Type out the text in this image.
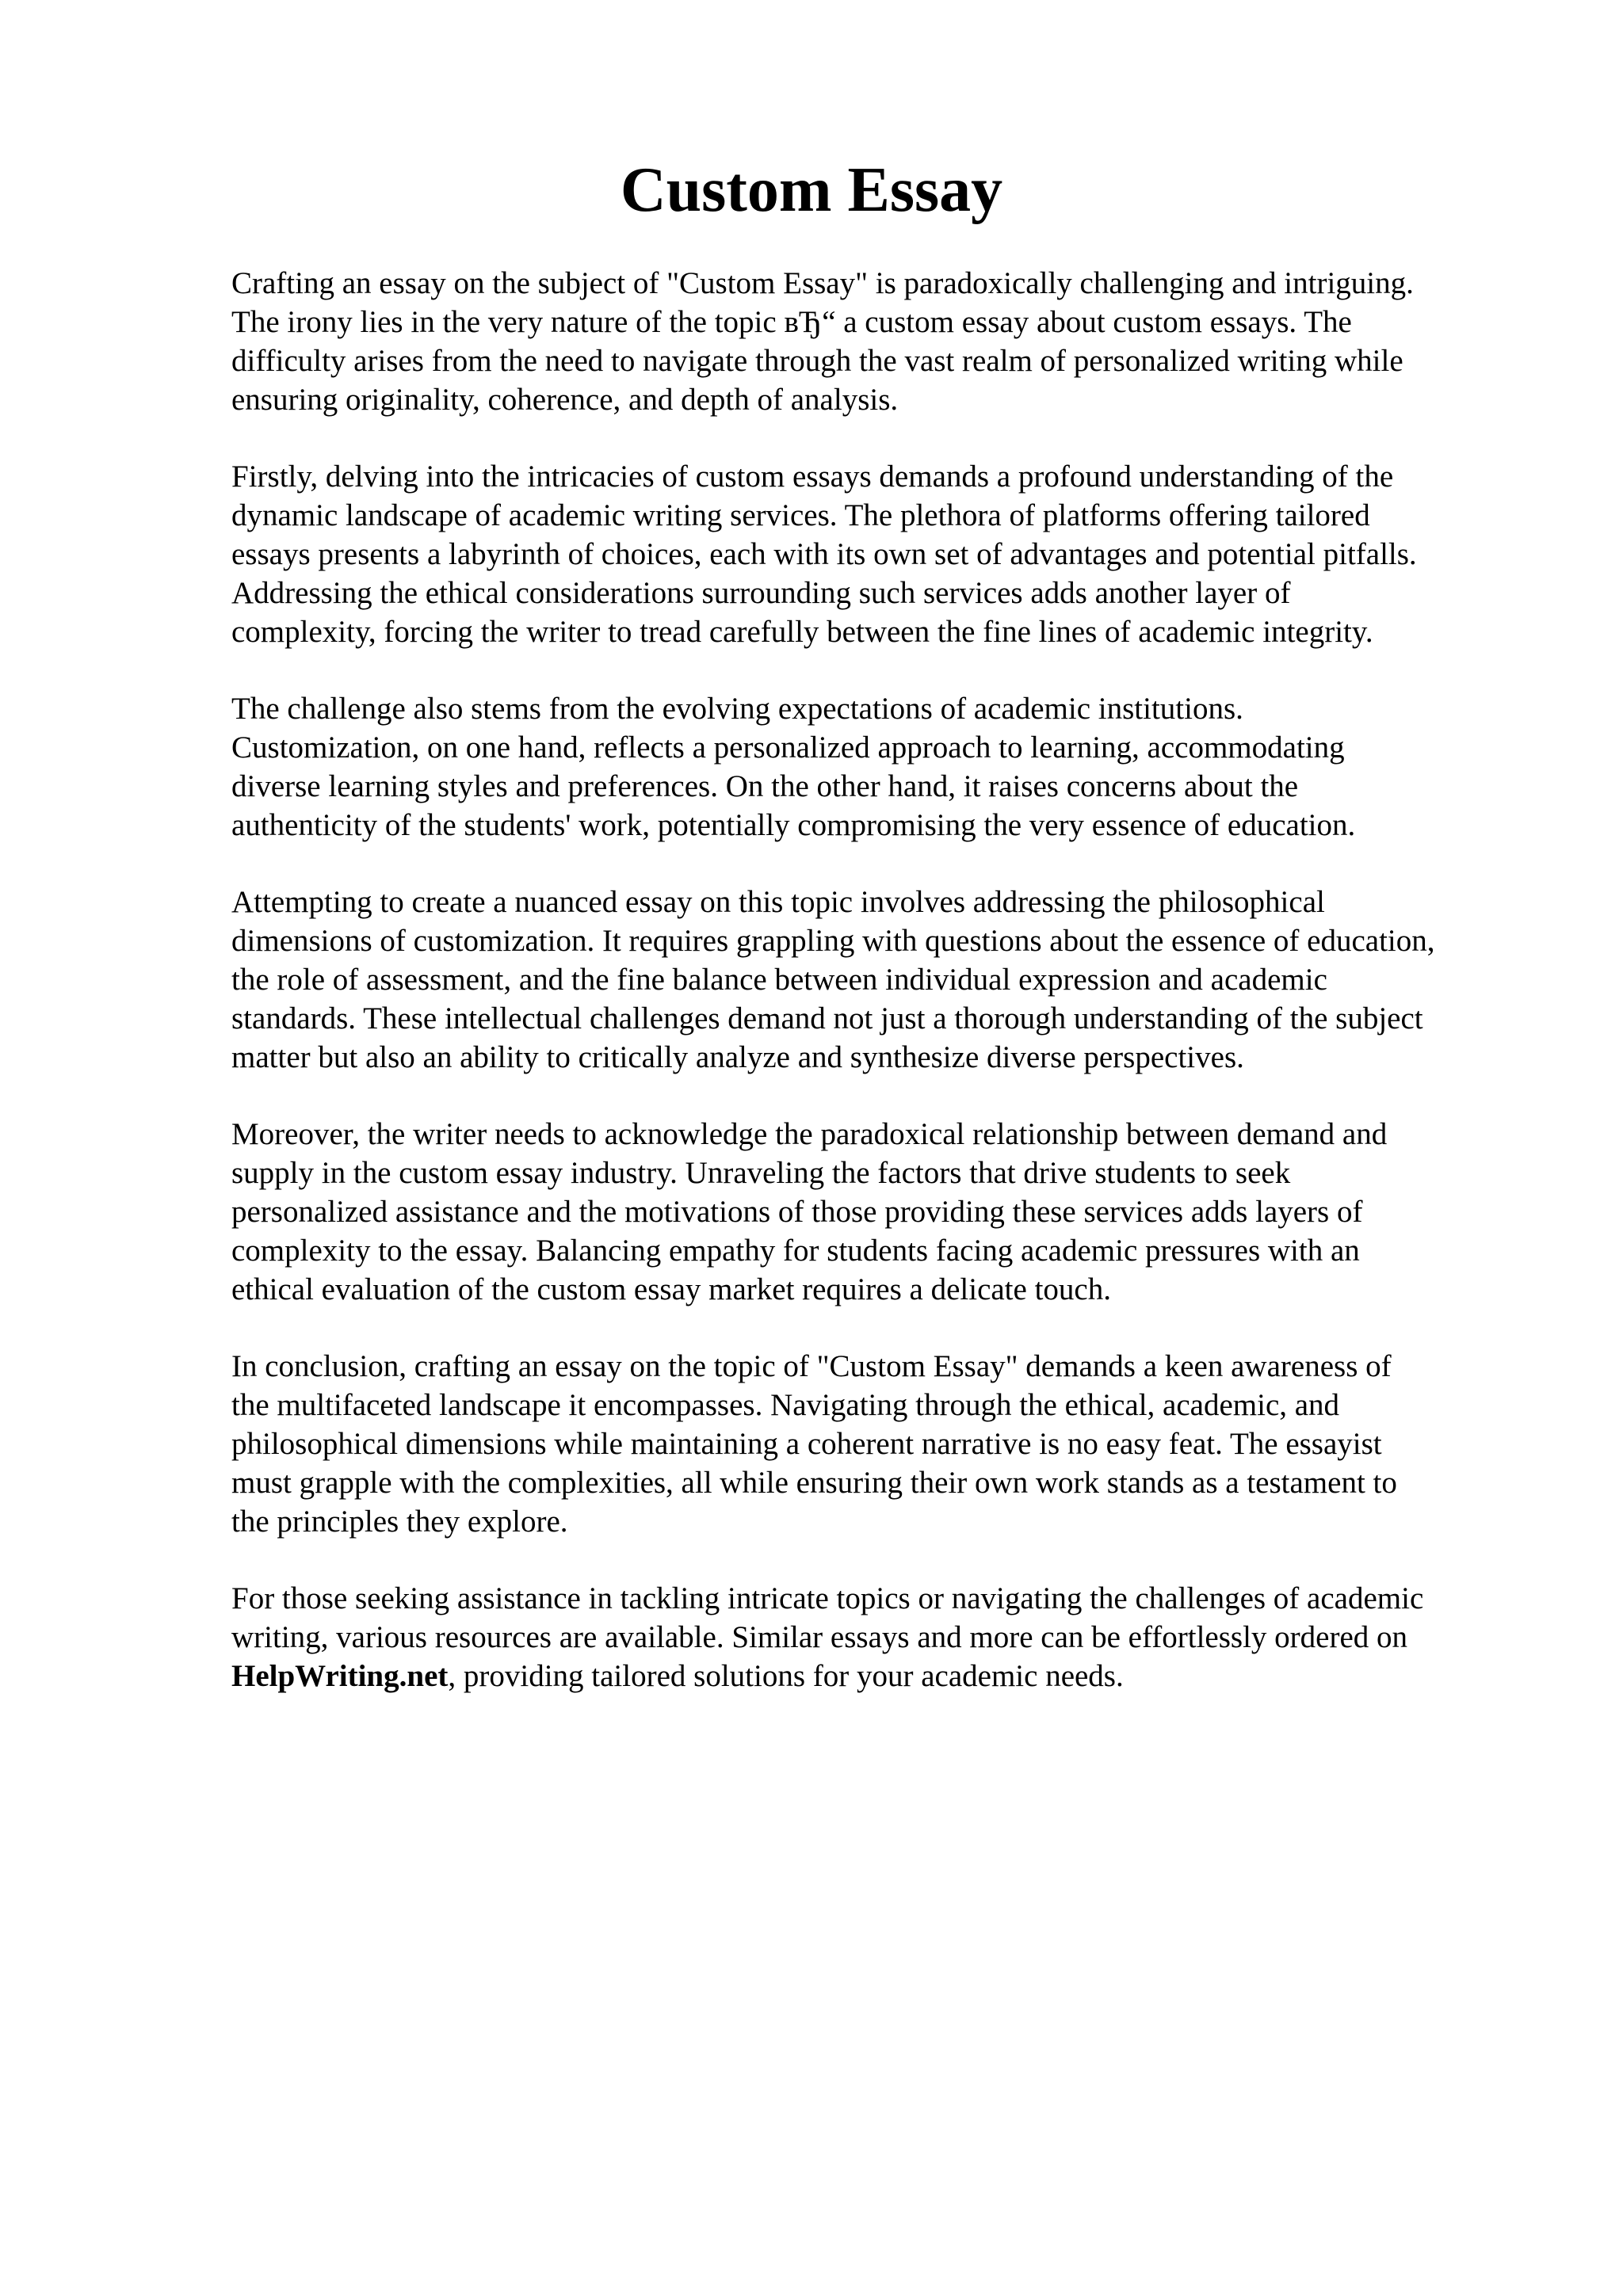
Custom Essay

Crafting an essay on the subject of "Custom Essay" is paradoxically challenging and intriguing.
The irony lies in the very nature of the topic вЂ“ a custom essay about custom essays. The
difficulty arises from the need to navigate through the vast realm of personalized writing while
ensuring originality, coherence, and depth of analysis.

Firstly, delving into the intricacies of custom essays demands a profound understanding of the
dynamic landscape of academic writing services. The plethora of platforms offering tailored
essays presents a labyrinth of choices, each with its own set of advantages and potential pitfalls.
Addressing the ethical considerations surrounding such services adds another layer of
complexity, forcing the writer to tread carefully between the fine lines of academic integrity.

The challenge also stems from the evolving expectations of academic institutions.
Customization, on one hand, reflects a personalized approach to learning, accommodating
diverse learning styles and preferences. On the other hand, it raises concerns about the
authenticity of the students' work, potentially compromising the very essence of education.

Attempting to create a nuanced essay on this topic involves addressing the philosophical
dimensions of customization. It requires grappling with questions about the essence of education,
the role of assessment, and the fine balance between individual expression and academic
standards. These intellectual challenges demand not just a thorough understanding of the subject
matter but also an ability to critically analyze and synthesize diverse perspectives.

Moreover, the writer needs to acknowledge the paradoxical relationship between demand and
supply in the custom essay industry. Unraveling the factors that drive students to seek
personalized assistance and the motivations of those providing these services adds layers of
complexity to the essay. Balancing empathy for students facing academic pressures with an
ethical evaluation of the custom essay market requires a delicate touch.

In conclusion, crafting an essay on the topic of "Custom Essay" demands a keen awareness of
the multifaceted landscape it encompasses. Navigating through the ethical, academic, and
philosophical dimensions while maintaining a coherent narrative is no easy feat. The essayist
must grapple with the complexities, all while ensuring their own work stands as a testament to
the principles they explore.

For those seeking assistance in tackling intricate topics or navigating the challenges of academic
writing, various resources are available. Similar essays and more can be effortlessly ordered on
HelpWriting.net, providing tailored solutions for your academic needs.
